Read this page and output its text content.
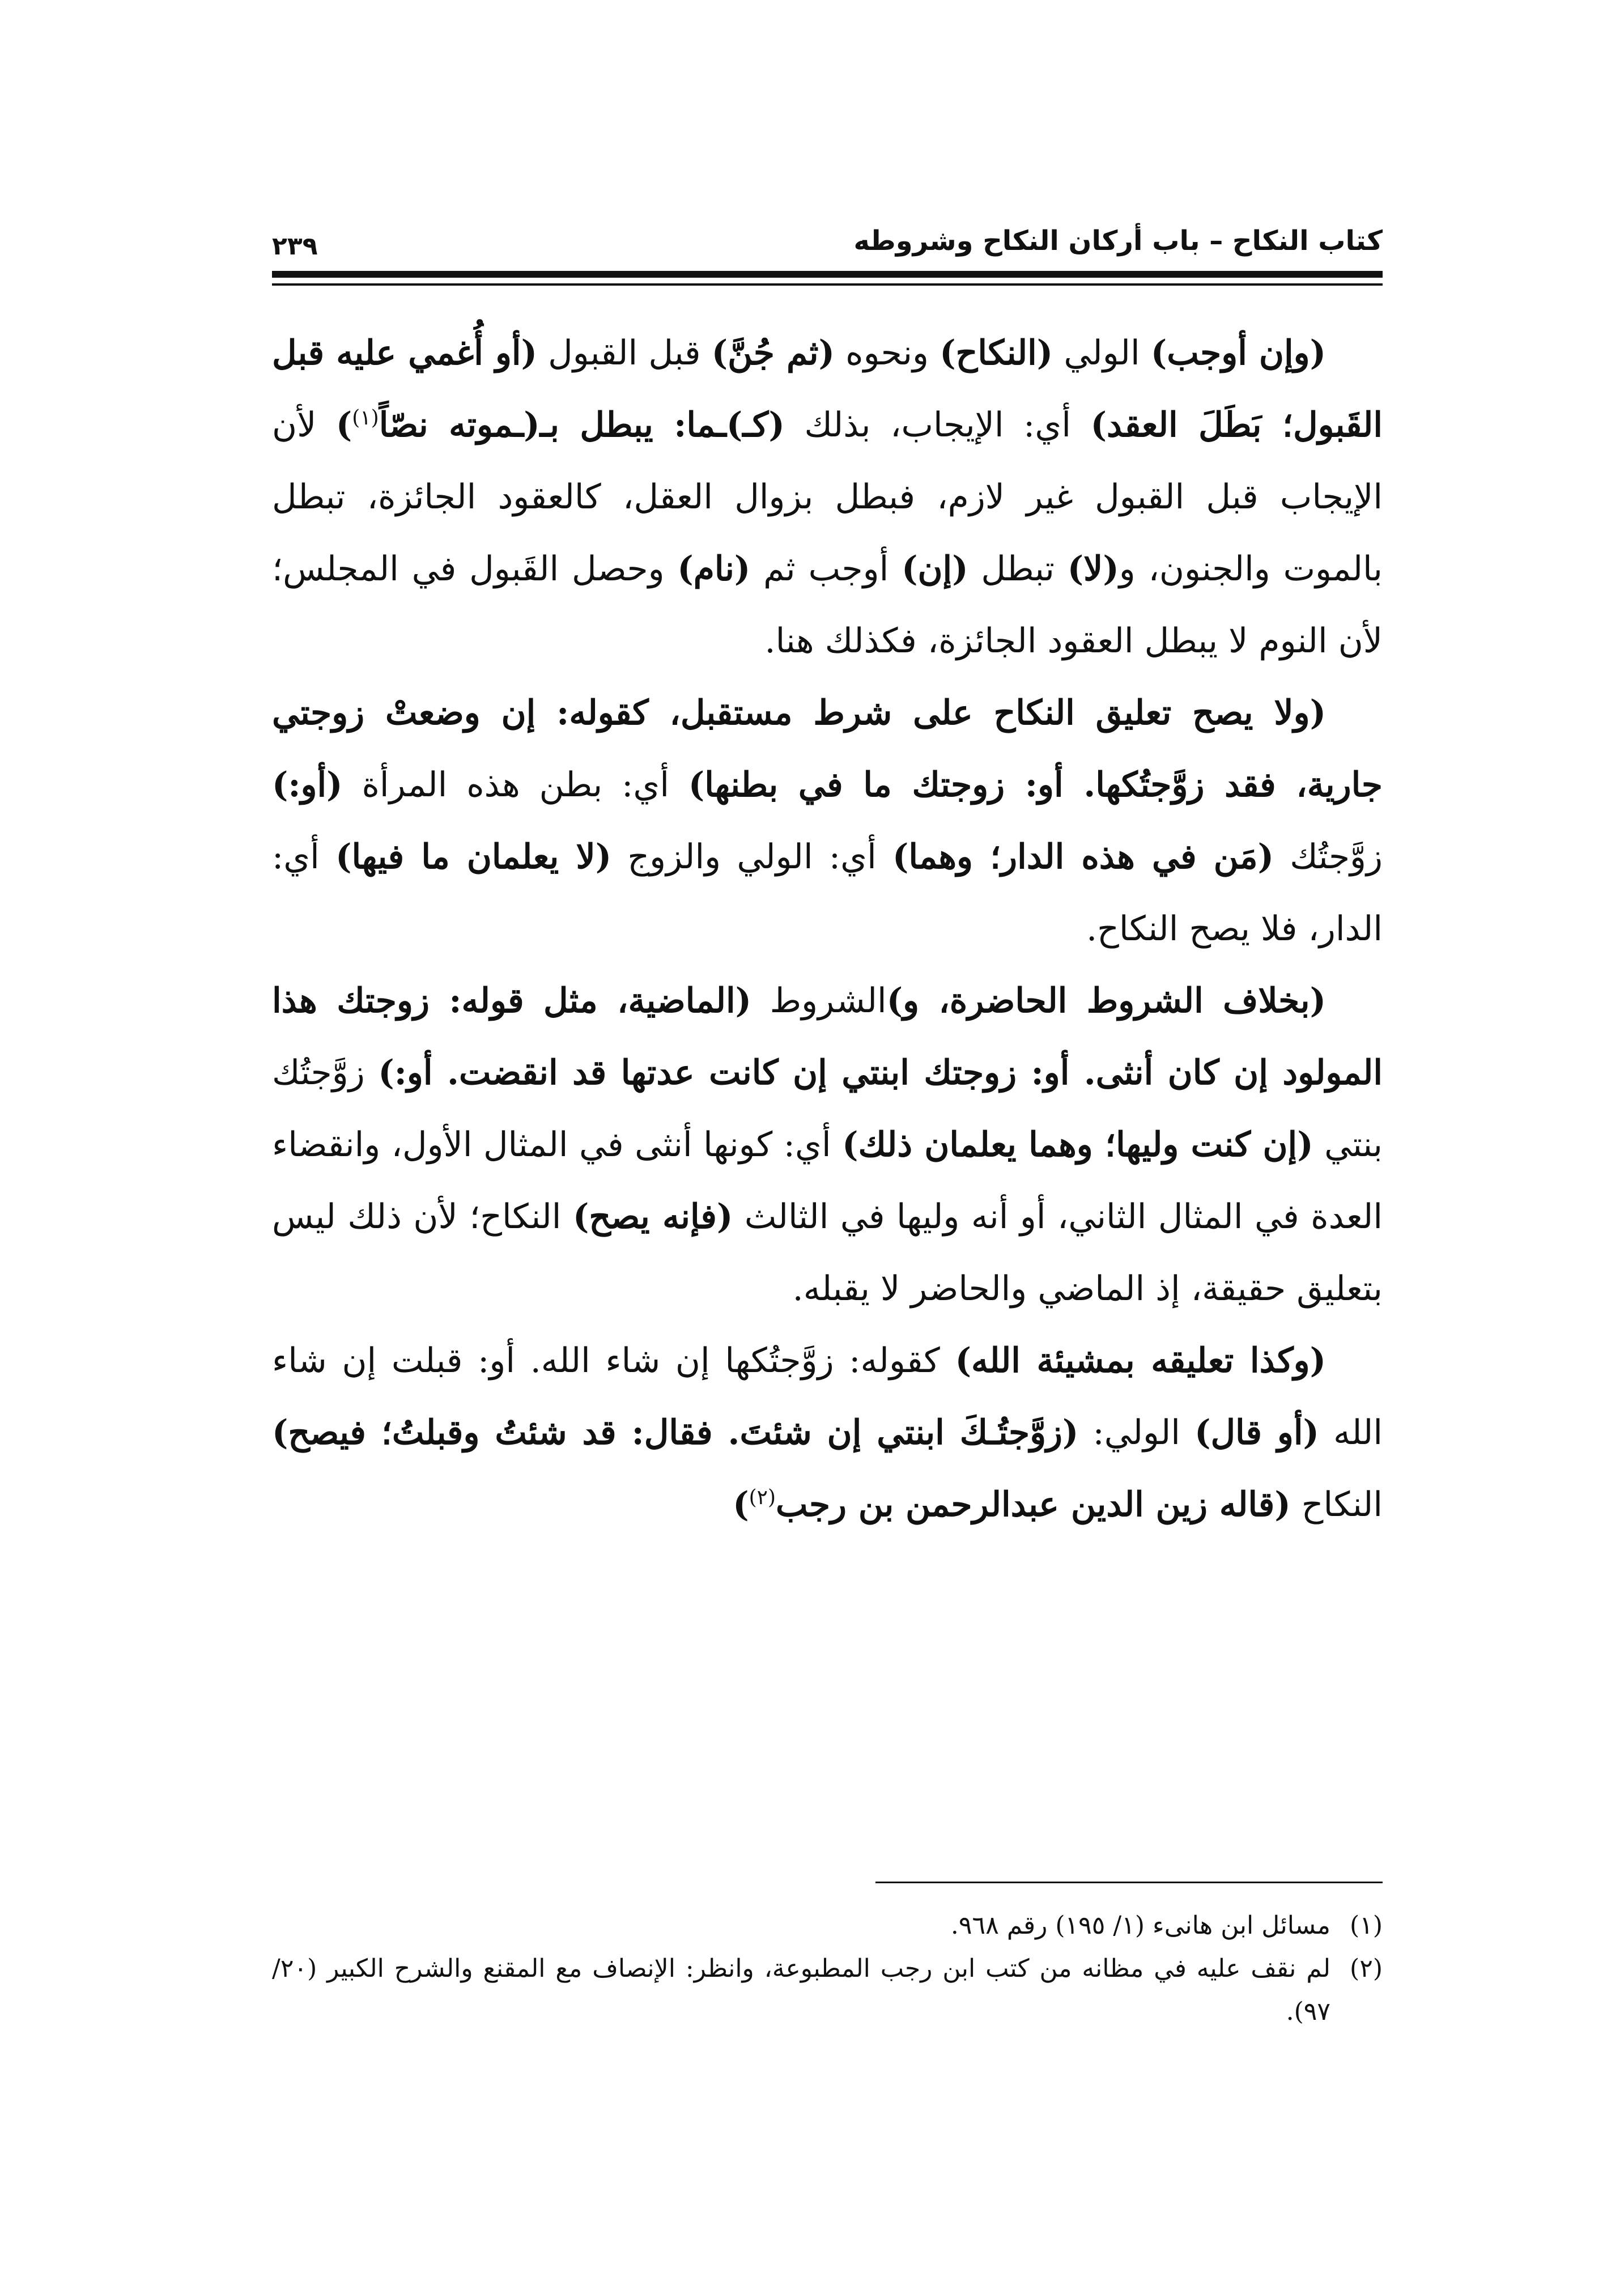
كتاب النكاح – باب أركان النكاح وشروطه
٢٣٩

(وإن أوجب) الولي (النكاح) ونحوه (ثم جُنَّ) قبل القبول (أو أُغمي عليه قبل القَبول؛ بَطَلَ العقد) أي: الإيجاب، بذلك (كـ)ـما: يبطل بـ(ـموته نصّاً$^{(١)}$) لأن الإيجاب قبل القبول غير لازم، فبطل بزوال العقل، كالعقود الجائزة، تبطل بالموت والجنون، و(لا) تبطل (إن) أوجب ثم (نام) وحصل القَبول في المجلس؛ لأن النوم لا يبطل العقود الجائزة، فكذلك هنا.

(ولا يصح تعليق النكاح على شرط مستقبل، كقوله: إن وضعتْ زوجتي جارية، فقد زوَّجتُكها. أو: زوجتك ما في بطنها) أي: بطن هذه المرأة (أو:) زوَّجتُك (مَن في هذه الدار؛ وهما) أي: الولي والزوج (لا يعلمان ما فيها) أي: الدار، فلا يصح النكاح.

(بخلاف الشروط الحاضرة، و)الشروط (الماضية، مثل قوله: زوجتك هذا المولود إن كان أنثى. أو: زوجتك ابنتي إن كانت عدتها قد انقضت. أو:) زوَّجتُك بنتي (إن كنت وليها؛ وهما يعلمان ذلك) أي: كونها أنثى في المثال الأول، وانقضاء العدة في المثال الثاني، أو أنه وليها في الثالث (فإنه يصح) النكاح؛ لأن ذلك ليس بتعليق حقيقة، إذ الماضي والحاضر لا يقبله.

(وكذا تعليقه بمشيئة الله) كقوله: زوَّجتُكها إن شاء الله. أو: قبلت إن شاء الله (أو قال) الولي: (زوَّجتُـكَ ابنتي إن شئتَ. فقال: قد شئتُ وقبلتُ؛ فيصح) النكاح (قاله زين الدين عبدالرحمن بن رجب$^{(٢)}$)

(١)مسائل ابن هانىء (١/ ١٩٥) رقم ٩٦٨.

(٢)لم نقف عليه في مظانه من كتب ابن رجب المطبوعة، وانظر: الإنصاف مع المقنع والشرح الكبير (٢٠/ ٩٧).
